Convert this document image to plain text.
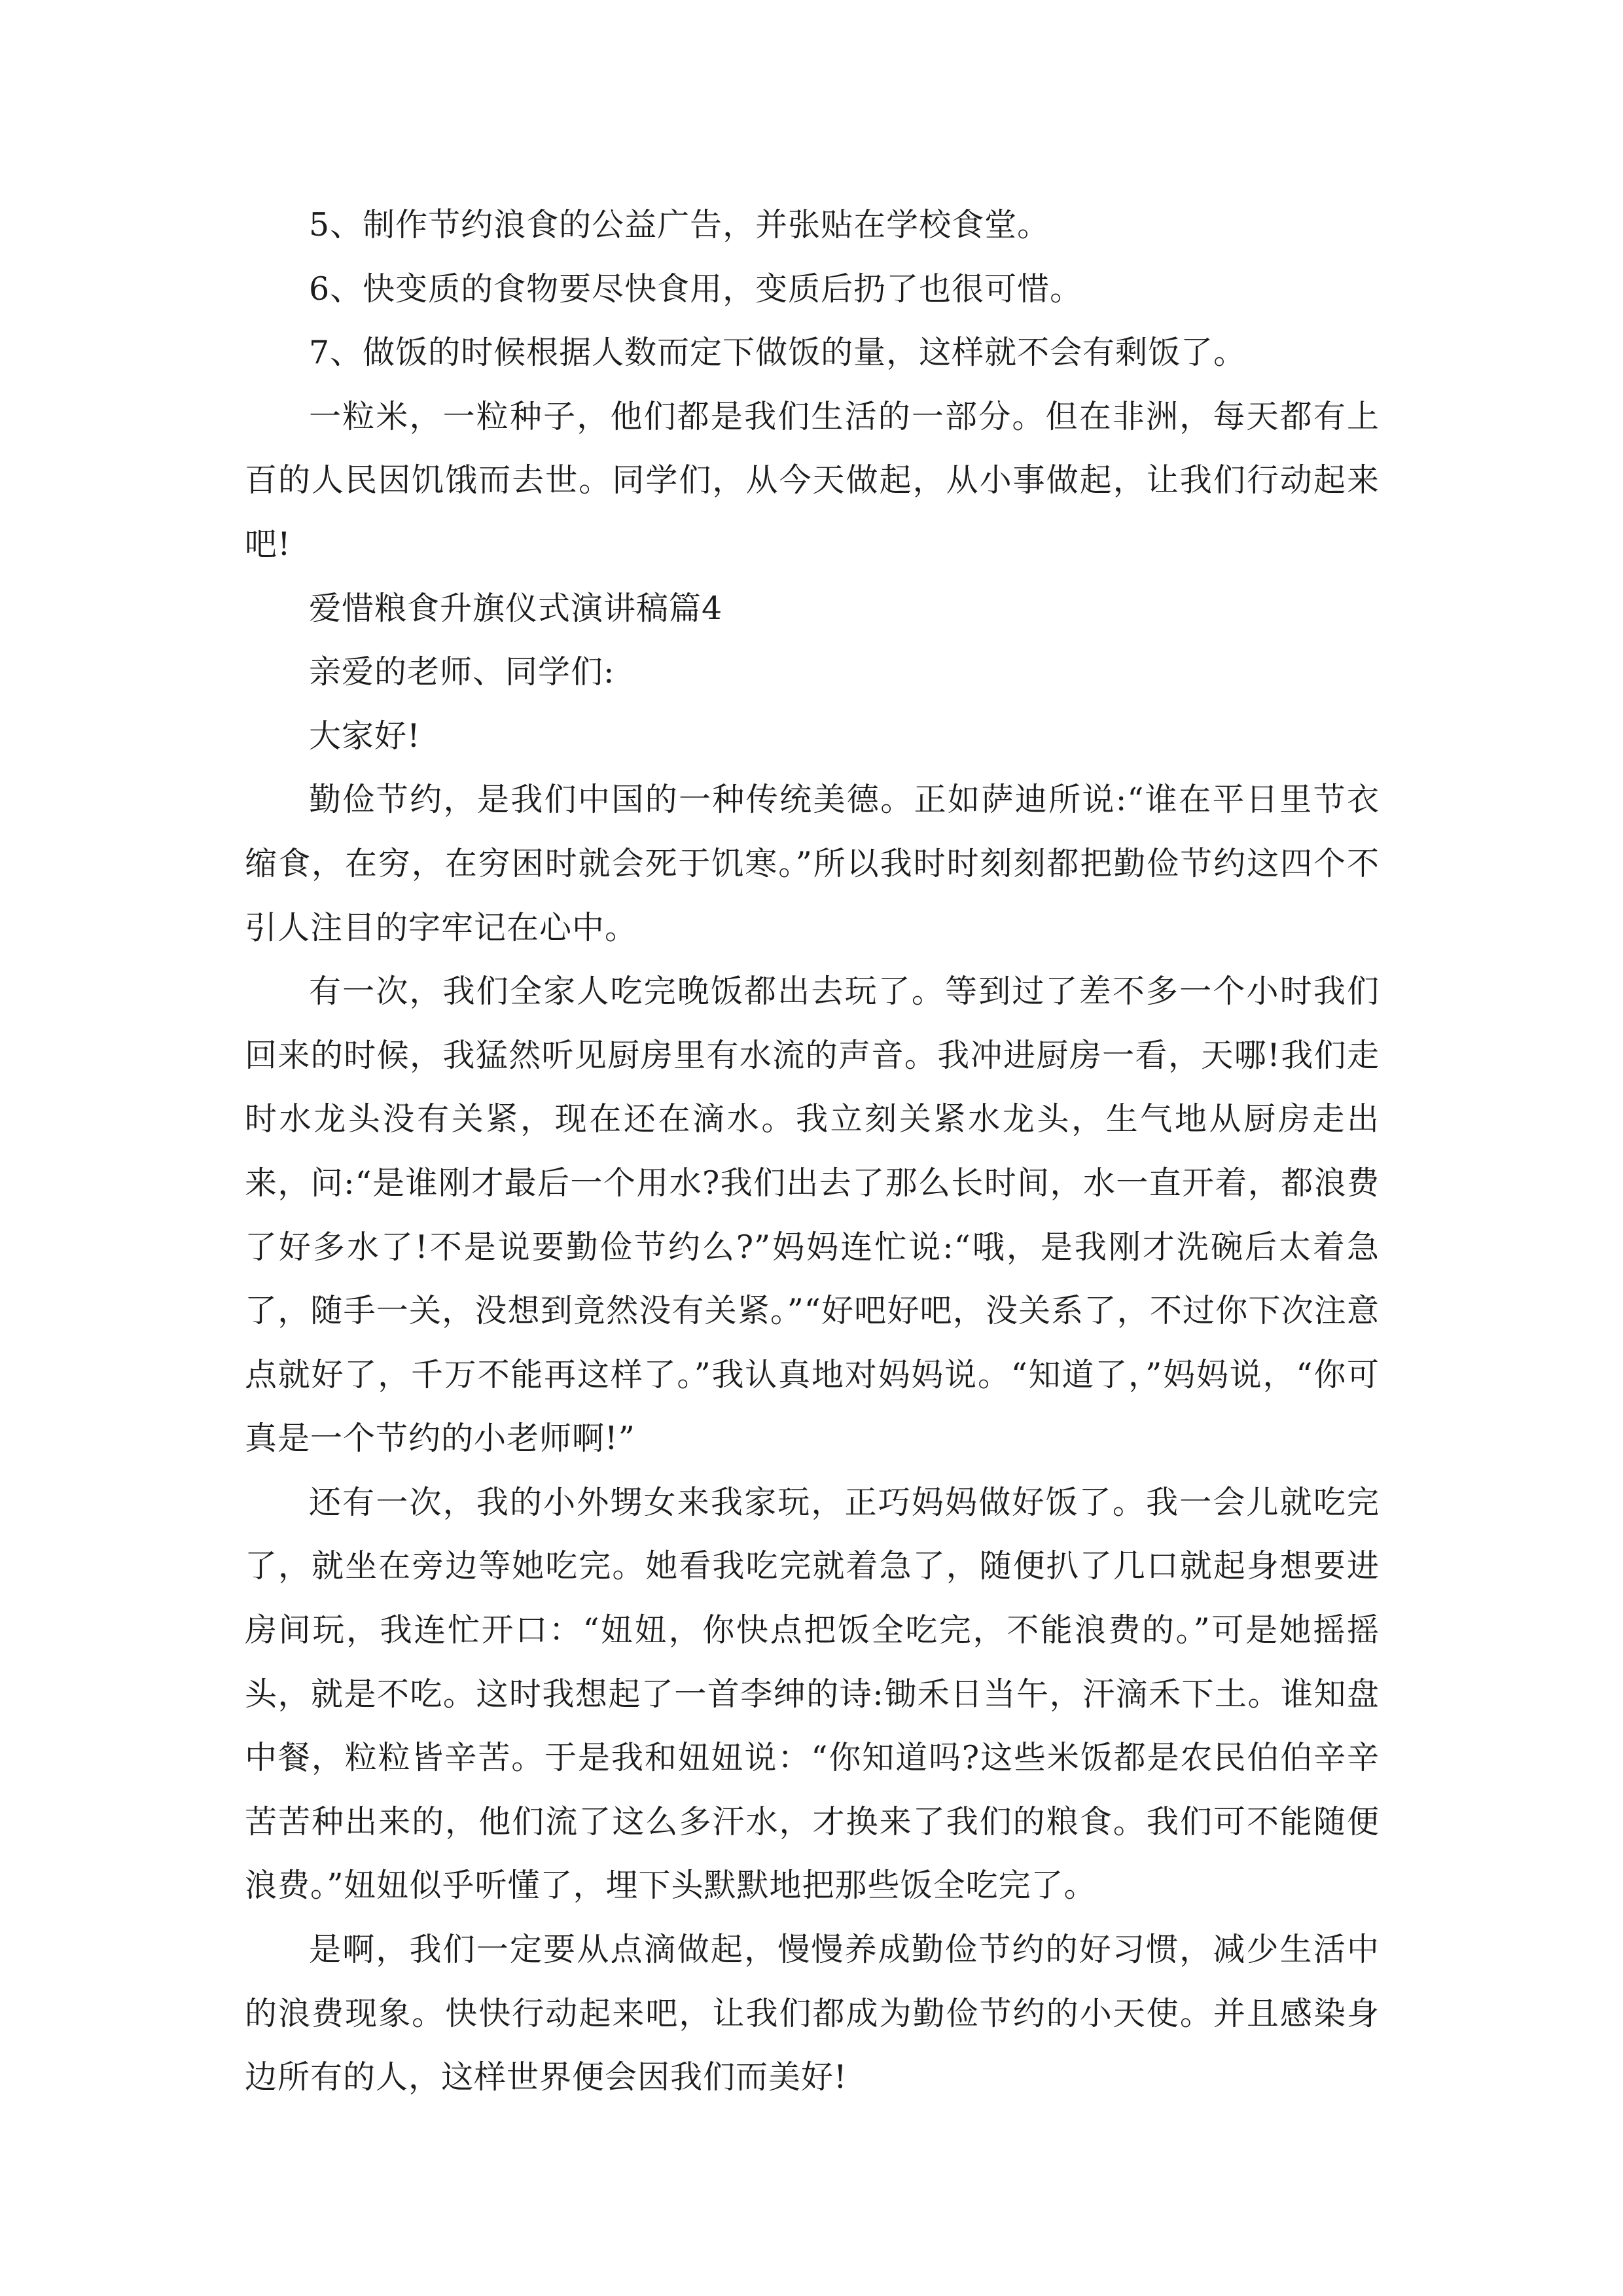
5、制作节约浪食的公益广告，并张贴在学校食堂。

6、快变质的食物要尽快食用，变质后扔了也很可惜。

7、做饭的时候根据人数而定下做饭的量，这样就不会有剩饭了。

一粒米，一粒种子，他们都是我们生活的一部分。但在非洲，每天都有上百的人民因饥饿而去世。同学们，从今天做起，从小事做起，让我们行动起来吧!

爱惜粮食升旗仪式演讲稿篇4

亲爱的老师、同学们:

大家好!

勤俭节约，是我们中国的一种传统美德。正如萨迪所说:“谁在平日里节衣缩食，在穷，在穷困时就会死于饥寒。”所以我时时刻刻都把勤俭节约这四个不引人注目的字牢记在心中。

有一次，我们全家人吃完晚饭都出去玩了。等到过了差不多一个小时我们回来的时候，我猛然听见厨房里有水流的声音。我冲进厨房一看，天哪!我们走时水龙头没有关紧，现在还在滴水。我立刻关紧水龙头，生气地从厨房走出来，问:“是谁刚才最后一个用水?我们出去了那么长时间，水一直开着，都浪费了好多水了!不是说要勤俭节约么?”妈妈连忙说:“哦，是我刚才洗碗后太着急了，随手一关，没想到竟然没有关紧。”“好吧好吧，没关系了，不过你下次注意点就好了，千万不能再这样了。”我认真地对妈妈说。“知道了，”妈妈说，“你可真是一个节约的小老师啊!”

还有一次，我的小外甥女来我家玩，正巧妈妈做好饭了。我一会儿就吃完了，就坐在旁边等她吃完。她看我吃完就着急了，随便扒了几口就起身想要进房间玩，我连忙开口：“妞妞，你快点把饭全吃完，不能浪费的。”可是她摇摇头，就是不吃。这时我想起了一首李绅的诗:锄禾日当午，汗滴禾下土。谁知盘中餐，粒粒皆辛苦。于是我和妞妞说：“你知道吗?这些米饭都是农民伯伯辛辛苦苦种出来的，他们流了这么多汗水，才换来了我们的粮食。我们可不能随便浪费。”妞妞似乎听懂了，埋下头默默地把那些饭全吃完了。

是啊，我们一定要从点滴做起，慢慢养成勤俭节约的好习惯，减少生活中的浪费现象。快快行动起来吧，让我们都成为勤俭节约的小天使。并且感染身边所有的人，这样世界便会因我们而美好!
